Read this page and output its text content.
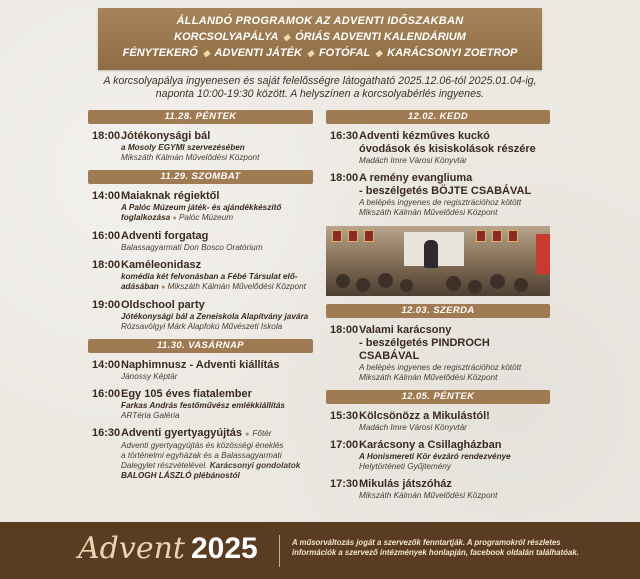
ÁLLANDÓ PROGRAMOK AZ ADVENTI IDŐSZAKBAN
KORCSOLYAPÁLYA ◆ ÓRIÁS ADVENTI KALENDÁRIUM
FÉNYTEKERŐ ◆ ADVENTI JÁTÉK ◆ FOTÓFAL ◆ KARÁCSONYI ZOETROP
A korcsolyapálya ingyenesen és saját felelősségre látogatható 2025.12.06-tól 2025.01.04-ig,
naponta 10:00-19:30 között. A helyszínen a korcsolyabérlés ingyenes.
11.28. PÉNTEK
18:00 Jótékonysági bál
a Mosoly EGYMI szervezésében
Mikszáth Kálmán Művelődési Központ
11.29. SZOMBAT
14:00 Maiaknak régiektől
A Palóc Múzeum játék- és ajándékkészítő
foglalkozása ● Palóc Múzeum
16:00 Adventi forgatag
Balassagyarmati Don Bosco Oratórium
18:00 Kaméleonidasz
komédia két felvonásban a Fébé Társulat elő-
adásában ● Mikszáth Kálmán Művelődési Központ
19:00 Oldschool party
Jótékonysági bál a Zeneiskola Alapítvány javára
Rózsavölgyi Márk Alapfokú Művészeti Iskola
11.30. VASÁRNAP
14:00 Naphimnusz - Adventi kiállítás
Jánossy Képtár
16:00 Egy 105 éves fiatalember
Farkas András festőművész emlékkiállítás
ARTéria Galéria
16:30 Adventi gyertyagyújtás ● Főtér
Adventi gyertyagyújtás és közösségi éneklés
a történelmi egyházak és a Balassagyarmati
Dalegylet részvételével. Karácsonyi gondolatok
BALOGH LÁSZLÓ plébánostól
12.02. KEDD
16:30 Adventi kézműves kuckó
óvodások és kisiskolások részére
Madách Imre Városi Könyvtár
18:00 A remény evangliuma
- beszélgetés BÖJTE CSABÁVAL
A belépés ingyenes de regisztrációhoz kötött
Mikszáth Kálmán Művelődési Központ
12.03. SZERDA
18:00 Valami karácsony
- beszélgetés PINDROCH CSABÁVAL
A belépés ingyenes de regisztrációhoz kötött
Mikszáth Kálmán Művelődési Központ
12.05. PÉNTEK
15:30 Kölcsönözz a Mikulástól!
Madách Imre Városi Könyvtár
17:00 Karácsony a Csillagházban
A Honismereti Kör évzáró rendezvénye
Helytörténeti Gyűjtemény
17:30 Mikulás játszóház
Mikszáth Kálmán Művelődési Központ
Advent 2025	A műsorváltozás jogát a szervezők fenntartják. A programokról részletes
információk a szervező intézmények honlapján, facebook oldalán találhatóak.
